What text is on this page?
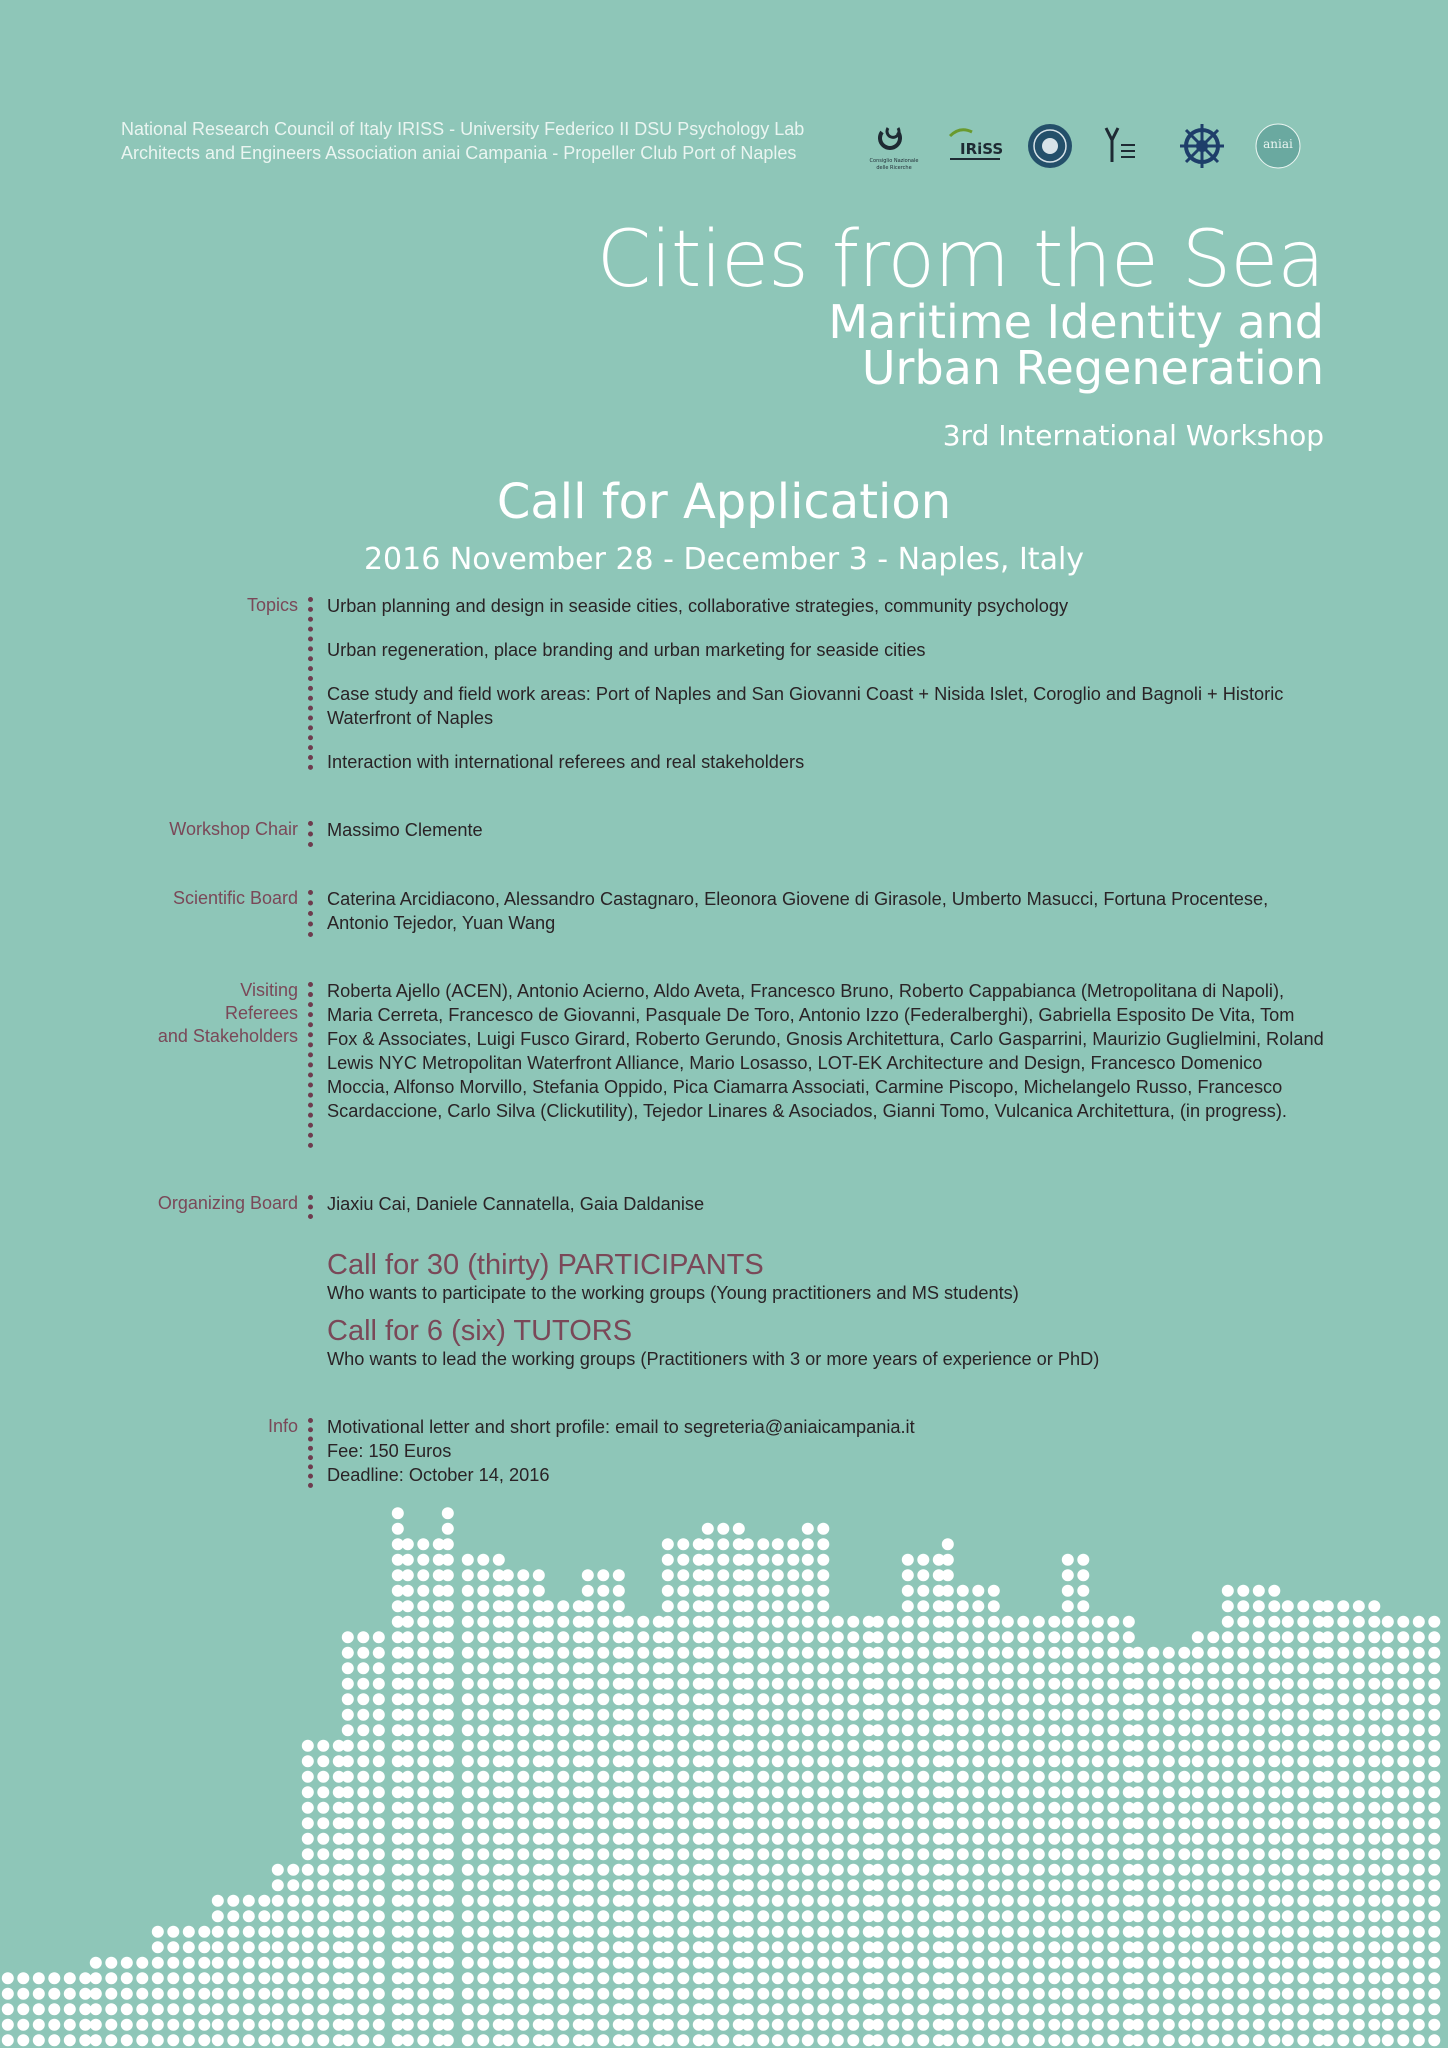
National Research Council of Italy IRISS - University Federico II DSU Psychology Lab
Architects and Engineers Association aniai Campania - Propeller Club Port of Naples	Consiglio Nazionale
delle Ricerche
IRiSS	aniai
Cities from the Sea
Maritime Identity and
Urban Regeneration
3rd International Workshop
Call for Application
2016 November 28 - December 3 - Naples, Italy
Topics Urban planning and design in seaside cities, collaborative strategies, community psychology

Urban regeneration, place branding and urban marketing for seaside cities

Case study and field work areas: Port of Naples and San Giovanni Coast + Nisida Islet, Coroglio and Bagnoli + Historic Waterfront of Naples

Interaction with international referees and real stakeholders

Workshop Chair Massimo Clemente
Scientific Board Caterina Arcidiacono, Alessandro Castagnaro, Eleonora Giovene di Girasole, Umberto Masucci, Fortuna Procentese, Antonio Tejedor, Yuan Wang
Visiting
Referees
and Stakeholders
Roberta Ajello (ACEN), Antonio Acierno, Aldo Aveta, Francesco Bruno, Roberto Cappabianca (Metropolitana di Napoli), Maria Cerreta, Francesco de Giovanni, Pasquale De Toro, Antonio Izzo (Federalberghi), Gabriella Esposito De Vita, Tom Fox & Associates, Luigi Fusco Girard, Roberto Gerundo, Gnosis Architettura, Carlo Gasparrini, Maurizio Guglielmini, Roland Lewis NYC Metropolitan Waterfront Alliance, Mario Losasso, LOT-EK Architecture and Design, Francesco Domenico Moccia, Alfonso Morvillo, Stefania Oppido, Pica Ciamarra Associati, Carmine Piscopo, Michelangelo Russo, Francesco Scardaccione, Carlo Silva (Clickutility), Tejedor Linares & Asociados, Gianni Tomo, Vulcanica Architettura, (in progress).
Organizing Board Jiaxiu Cai, Daniele Cannatella, Gaia Daldanise
Call for 30 (thirty) PARTICIPANTS
Who wants to participate to the working groups (Young practitioners and MS students)
Call for 6 (six) TUTORS
Who wants to lead the working groups (Practitioners with 3 or more years of experience or PhD)
Info Motivational letter and short profile: email to segreteria@aniaicampania.it
Fee: 150 Euros
Deadline: October 14, 2016
